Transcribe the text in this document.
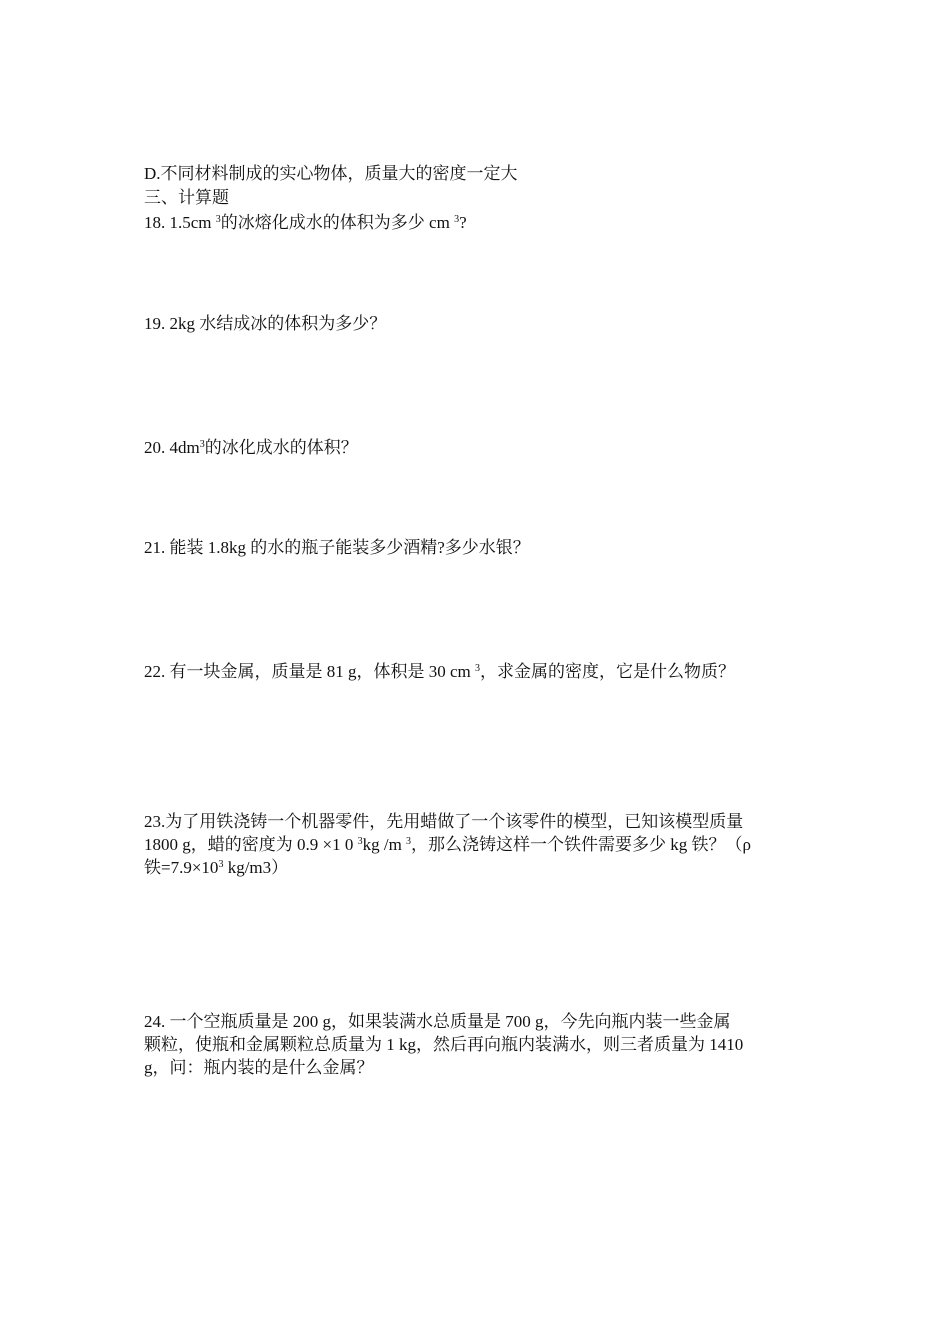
D.不同材料制成的实心物体，质量大的密度一定大
三、计算题
18. 1.5cm $^3$的冰熔化成水的体积为多少 cm $^3$?
19. 2kg 水结成冰的体积为多少？
20. $4dm^3$的冰化成水的体积？
21. 能装 1.8kg 的水的瓶子能装多少酒精?多少水银？
22. 有一块金属，质量是 81 g，体积是 30 cm $^3$，求金属的密度，它是什么物质？
23.为了用铁浇铸一个机器零件，先用蜡做了一个该零件的模型，已知该模型质量
1800 g，蜡的密度为 0.9 ×1 0 $^3$kg /m $^3$，那么浇铸这样一个铁件需要多少 kg 铁？（ρ
铁$=7.9\times 10^3$ kg/m3）
24. 一个空瓶质量是 200 g，如果装满水总质量是 700 g，今先向瓶内装一些金属
颗粒，使瓶和金属颗粒总质量为 1 kg，然后再向瓶内装满水，则三者质量为 1410
g，问：瓶内装的是什么金属？
